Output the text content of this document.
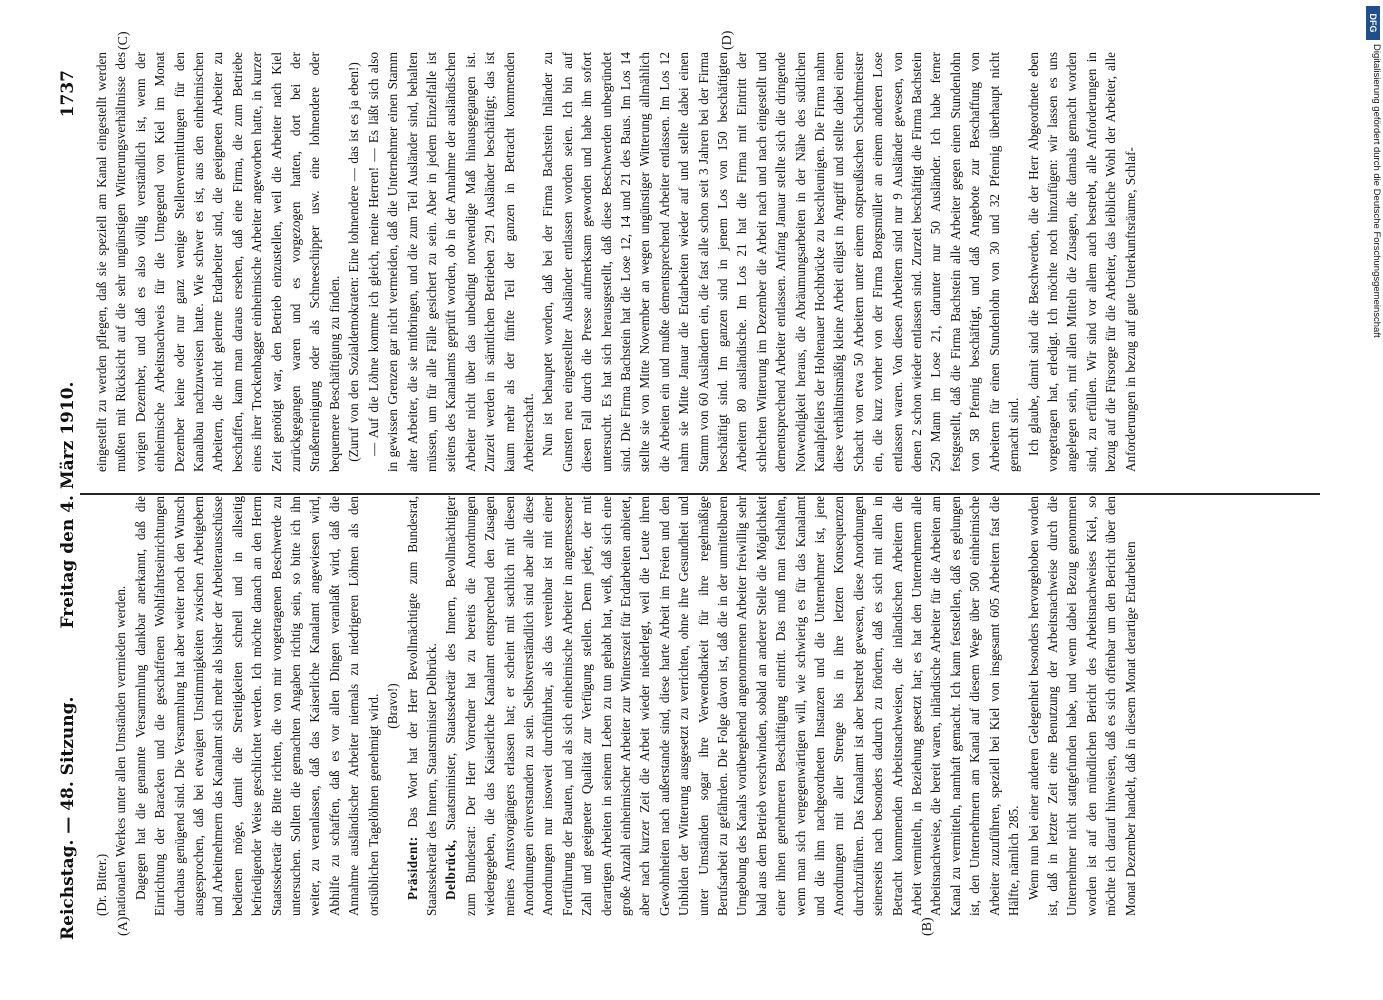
Reichstag. — 48. Sitzung.
Freitag den 4. März 1910.
1737
(A)	(B)
(C)	(D)

(Dr. Bitter.) nationalen Werkes unter allen Umständen vermieden werden. Dagegen hat die genannte Versammlung dankbar anerkannt, daß die Einrichtung der Baracken und die geschaffenen Wohlfahrtseinrichtungen durchaus genügend sind. Die Versammlung hat aber weiter noch den Wunsch ausgesprochen, daß bei etwaigen Unstimmigkeiten zwischen Arbeitgebern und Arbeitnehmern das Kanalamt sich mehr als bisher der Arbeiterausschüsse bedienen möge, damit die Streitigkeiten schnell und in allseitig befriedigender Weise geschlichtet werden. Ich möchte danach an den Herrn Staatssekretär die Bitte richten, die von mir vorgetragenen Beschwerde zu untersuchen. Sollten die gemachten Angaben richtig sein, so bitte ich ihn weiter, zu veranlassen, daß das Kaiserliche Kanalamt angewiesen wird, Abhilfe zu schaffen, daß es vor allen Dingen veranlaßt wird, daß die Annahme ausländischer Arbeiter niemals zu niedrigeren Löhnen als den ortsüblichen Tagelöhnen genehmigt wird. (Bravo!)

Präsident: Das Wort hat der Herr Bevollmächtigte zum Bundesrat, Staatssekretär des Innern, Staatsminister Delbrück. Delbrück, Staatsminister, Staatssekretär des Innern, Bevollmächtigter zum Bundesrat: Der Herr Vorredner hat zu bereits die Anordnungen wiedergegeben, die das Kaiserliche Kanalamt entsprechend den Zusagen meines Amtsvorgängers erlassen hat; er scheint mit sachlich mit diesen Anordnungen einverstanden zu sein. Selbstverständlich sind aber alle diese Anordnungen nur insoweit durchführbar, als das vereinbar ist mit einer Fortführung der Bauten, und als sich einheimische Arbeiter in angemessener Zahl und geeigneter Qualität zur Verfügung stellen. Denn jeder, der mit derartigen Arbeiten in seinem Leben zu tun gehabt hat, weiß, daß sich eine große Anzahl einheimischer Arbeiter zur Winterszeit für Erdarbeiten anbietet, aber nach kurzer Zeit die Arbeit wieder niederlegt, weil die Leute ihren Gewohnheiten nach außerstande sind, diese harte Arbeit im Freien und den Unbilden der Witterung ausgesetzt zu verrichten, ohne ihre Gesundheit und unter Umständen sogar ihre Verwendbarkeit für ihre regelmäßige Berufsarbeit zu gefährden. Die Folge davon ist, daß die in der unmittelbaren Umgebung des Kanals vorübergehend angenommenen Arbeiter freiwillig sehr bald aus dem Betrieb verschwinden, sobald an anderer Stelle die Möglichkeit einer ihnen genehmeren Beschäftigung eintritt. Das muß man festhalten, wenn man sich vergegenwärtigen will, wie schwierig es für das Kanalamt und die ihm nachgeordneten Instanzen und die Unternehmer ist, jene Anordnungen mit aller Strenge bis in ihre letzten Konsequenzen durchzuführen. Das Kanalamt ist aber bestrebt gewesen, diese Anordnungen seinerseits nach besonders dadurch zu fördern, daß es sich mit allen in Betracht kommenden Arbeitsnachweisen, die inländischen Arbeitern die Arbeit vermitteln, in Beziehung gesetzt hat; es hat den Unternehmern alle Arbeitsnachweise, die bereit waren, inländische Arbeiter für die Arbeiten am Kanal zu vermitteln, namhaft gemacht. Ich kann feststellen, daß es gelungen ist, den Unternehmern am Kanal auf diesem Wege über 500 einheimische Arbeiter zuzuführen, speziell bei Kiel von insgesamt 605 Arbeitern fast die Hälfte, nämlich 285. Wenn nun bei einer anderen Gelegenheit besonders hervorgehoben worden ist, daß in letzter Zeit eine Benutzung der Arbeitsnachweise durch die Unternehmer nicht stattgefunden habe, und wenn dabei Bezug genommen worden ist auf den mündlichen Bericht des Arbeitsnachweises Kiel, so möchte ich darauf hinweisen, daß es sich offenbar um den Bericht über den Monat Dezember handelt, daß in diesem Monat derartige Erdarbeiten

eingestellt zu werden pflegen, daß sie speziell am Kanal eingestellt werden mußten mit Rücksicht auf die sehr ungünstigen Witterungsverhältnisse des vorigen Dezember, und daß es also völlig verständlich ist, wenn der einheimische Arbeitsnachweis für die Umgegend von Kiel im Monat Dezember keine oder nur ganz wenige Stellenvermittlungen für den Kanalbau nachzuweisen hatte. Wie schwer es ist, aus den einheimischen Arbeitern, die nicht gelernte Erdarbeiter sind, die geeigneten Arbeiter zu beschaffen, kann man daraus ersehen, daß eine Firma, die zum Betriebe eines ihrer Trockenbagger einheimische Arbeiter angeworben hatte, in kurzer Zeit genötigt war, den Betrieb einzustellen, weil die Arbeiter nach Kiel zurückgegangen waren und es vorgezogen hatten, dort bei der Straßenreinigung oder als Schneeschipper usw. eine lohnendere oder bequemere Beschäftigung zu finden. (Zuruf von den Sozialdemokraten: Eine lohnendere — das ist es ja eben!) — Auf die Löhne komme ich gleich, meine Herren! — Es läßt sich also in gewissen Grenzen gar nicht vermeiden, daß die Unternehmer einen Stamm alter Arbeiter, die sie mitbringen, und die zum Teil Ausländer sind, behalten müssen, um für alle Fälle gesichert zu sein. Aber in jedem Einzelfalle ist seitens des Kanalamts geprüft worden, ob in der Annahme der ausländischen Arbeiter nicht über das unbedingt notwendige Maß hinausgegangen ist. Zurzeit werden in sämtlichen Betrieben 291 Ausländer beschäftigt; das ist kaum mehr als der fünfte Teil der ganzen in Betracht kommenden Arbeiterschaft. Nun ist behauptet worden, daß bei der Firma Bachstein Inländer zu Gunsten neu eingestellter Ausländer entlassen worden seien. Ich bin auf diesen Fall durch die Presse aufmerksam geworden und habe ihn sofort untersucht. Es hat sich herausgestellt, daß diese Beschwerden unbegründet sind. Die Firma Bachstein hat die Lose 12, 14 und 21 des Baus. Im Los 14 stellte sie von Mitte November an wegen ungünstiger Witterung allmählich die Arbeiten ein und mußte dementsprechend Arbeiter entlassen. Im Los 12 nahm sie Mitte Januar die Erdarbeiten wieder auf und stellte dabei einen Stamm von 60 Ausländern ein, die fast alle schon seit 3 Jahren bei der Firma beschäftigt sind. Im ganzen sind in jenem Los von 150 beschäftigten Arbeitern 80 ausländische. Im Los 21 hat die Firma mit Eintritt der schlechten Witterung im Dezember die Arbeit nach und nach eingestellt und dementsprechend Arbeiter entlassen. Anfang Januar stellte sich die dringende Notwendigkeit heraus, die Abräumungsarbeiten in der Nähe des südlichen Kanalpfeilers der Holtenauer Hochbrücke zu beschleunigen. Die Firma nahm diese verhältnismäßig kleine Arbeit eiligst in Angriff und stellte dabei einen Schacht von etwa 50 Arbeitern unter einem ostpreußischen Schachtmeister ein, die kurz vorher von der Firma Borgsmüller an einem anderen Lose entlassen waren. Von diesen Arbeitern sind nur 9 Ausländer gewesen, von denen 2 schon wieder entlassen sind. Zurzeit beschäftigt die Firma Bachstein 250 Mann im Lose 21, darunter nur 50 Ausländer. Ich habe ferner festgestellt, daß die Firma Bachstein alle Arbeiter gegen einen Stundenlohn von 58 Pfennig beschäftigt, und daß Angebote zur Beschaffung von Arbeitern für einen Stundenlohn von 30 und 32 Pfennig überhaupt nicht gemacht sind. Ich glaube, damit sind die Beschwerden, die der Herr Abgeordnete eben vorgetragen hat, erledigt. Ich möchte noch hinzufügen: wir lassen es uns angelegen sein, mit allen Mitteln die Zusagen, die damals gemacht worden sind, zu erfüllen. Wir sind vor allem auch bestrebt, alle Anforderungen in bezug auf die Fürsorge für die Arbeiter, das leibliche Wohl der Arbeiter, alle Anforderungen in bezug auf gute Unterkunftsräume, Schlaf-

DFG
Digitalisierung gefördert durch die Deutsche Forschungsgemeinschaft
